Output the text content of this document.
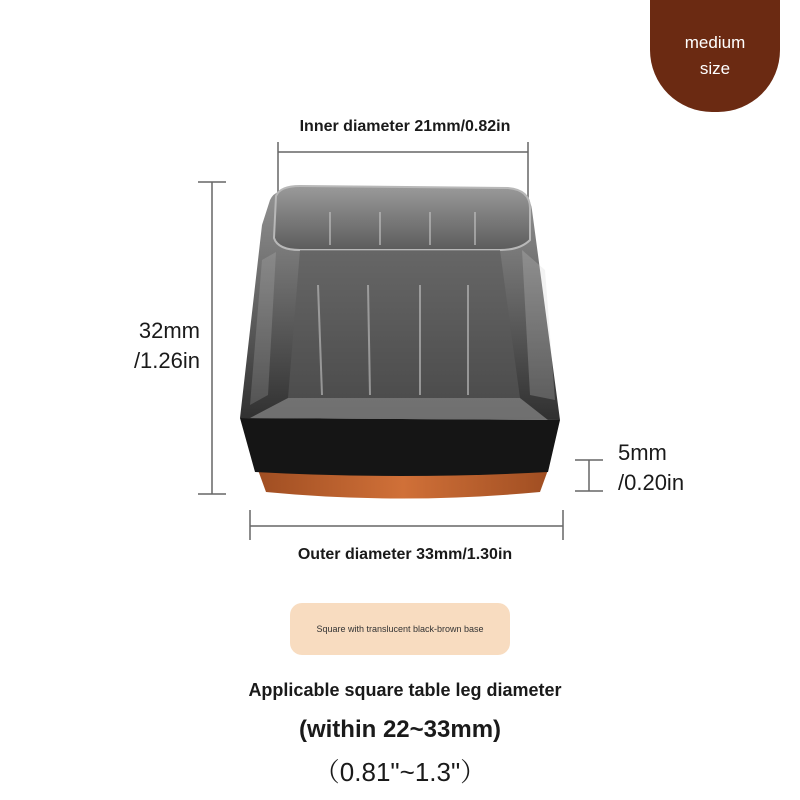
medium
size
Inner diameter 21mm/0.82in
32mm
/1.26in
5mm
/0.20in
Outer diameter 33mm/1.30in
Square with translucent black-brown base
Applicable square table leg diameter
(within 22~33mm)
（0.81"~1.3"）
